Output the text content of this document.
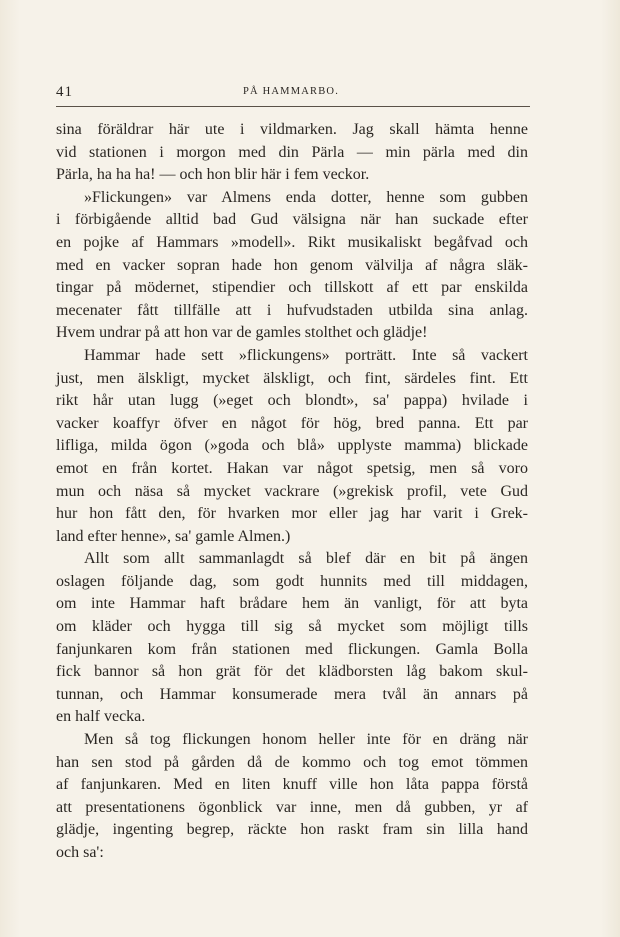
41	PÅ HAMMARBO.
sina föräldrar här ute i vildmarken. Jag skall hämta henne
vid stationen i morgon med din Pärla — min pärla med din
Pärla, ha ha ha! — och hon blir här i fem veckor.
»Flickungen» var Almens enda dotter, henne som gubben
i förbigående alltid bad Gud välsigna när han suckade efter
en pojke af Hammars »modell». Rikt musikaliskt begåfvad och
med en vacker sopran hade hon genom välvilja af några släk-
tingar på mödernet, stipendier och tillskott af ett par enskilda
mecenater fått tillfälle att i hufvudstaden utbilda sina anlag.
Hvem undrar på att hon var de gamles stolthet och glädje!
Hammar hade sett »flickungens» porträtt. Inte så vackert
just, men älskligt, mycket älskligt, och fint, särdeles fint. Ett
rikt hår utan lugg (»eget och blondt», sa' pappa) hvilade i
vacker koaffyr öfver en något för hög, bred panna. Ett par
lifliga, milda ögon (»goda och blå» upplyste mamma) blickade
emot en från kortet. Hakan var något spetsig, men så voro
mun och näsa så mycket vackrare (»grekisk profil, vete Gud
hur hon fått den, för hvarken mor eller jag har varit i Grek-
land efter henne», sa' gamle Almen.)
Allt som allt sammanlagdt så blef där en bit på ängen
oslagen följande dag, som godt hunnits med till middagen,
om inte Hammar haft brådare hem än vanligt, för att byta
om kläder och hygga till sig så mycket som möjligt tills
fanjunkaren kom från stationen med flickungen. Gamla Bolla
fick bannor så hon grät för det klädborsten låg bakom skul-
tunnan, och Hammar konsumerade mera tvål än annars på
en half vecka.
Men så tog flickungen honom heller inte för en dräng när
han sen stod på gården då de kommo och tog emot tömmen
af fanjunkaren. Med en liten knuff ville hon låta pappa förstå
att presentationens ögonblick var inne, men då gubben, yr af
glädje, ingenting begrep, räckte hon raskt fram sin lilla hand
och sa':
